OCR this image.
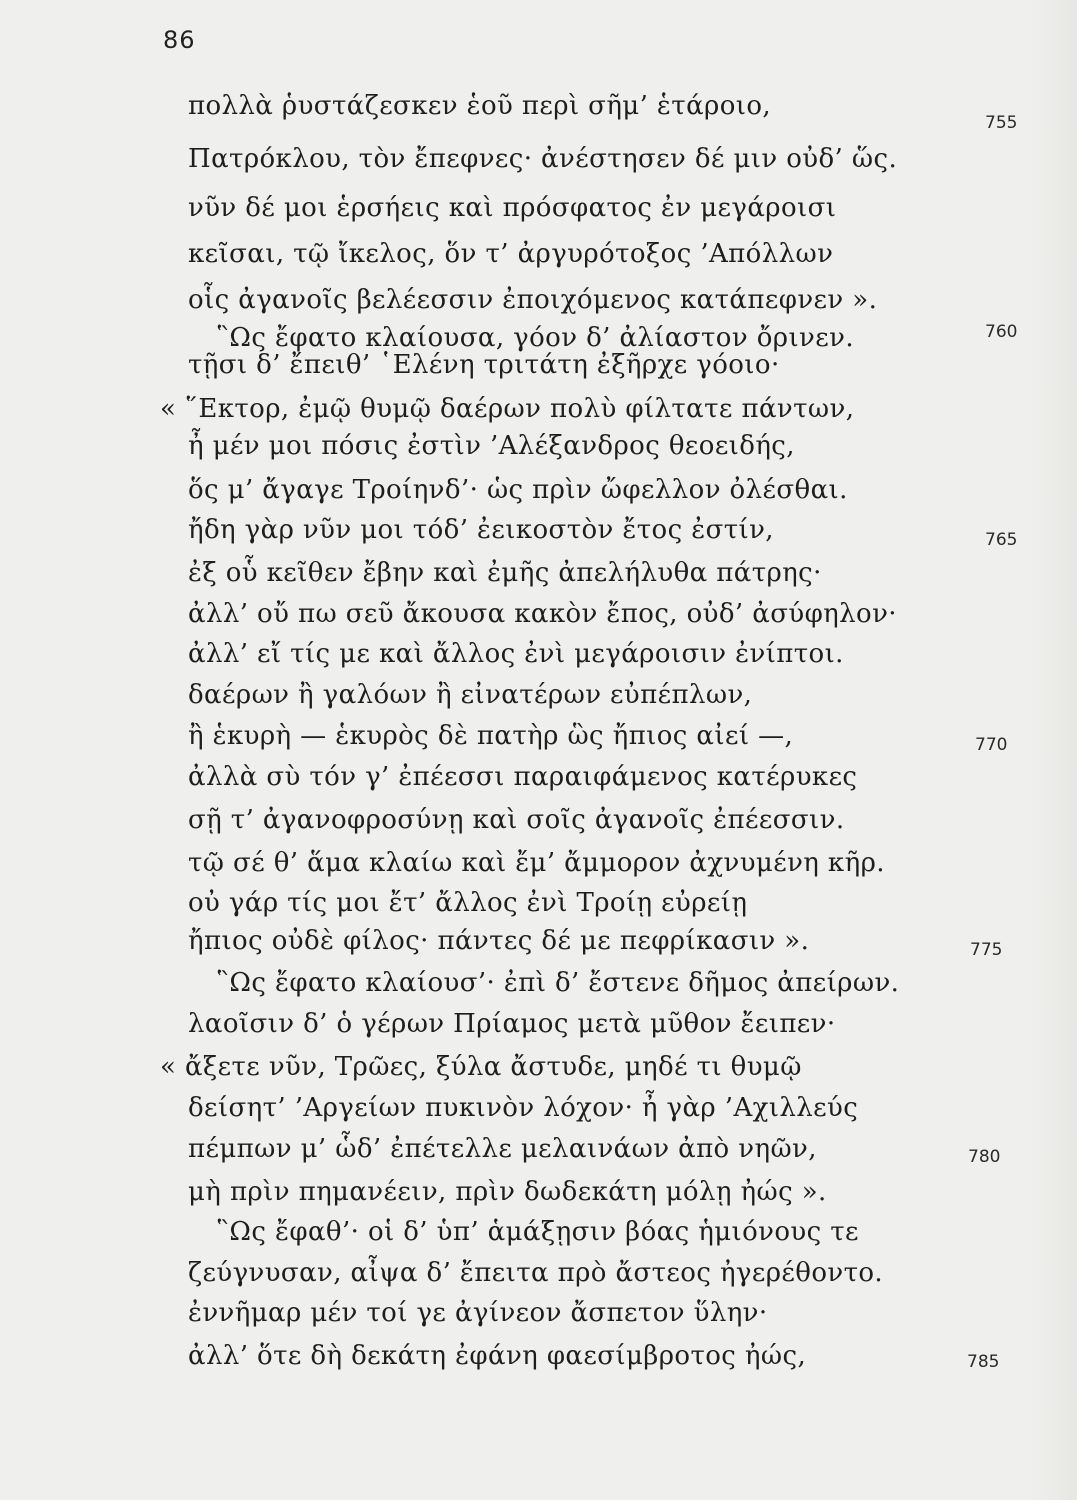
86
πολλὰ ῥυστάζεσκεν ἑοῦ περὶ σῆμ’ ἑτάροιο,
755
Πατρόκλου, τὸν ἔπεφνες· ἀνέστησεν δέ μιν οὐδ’ ὥς.
νῦν δέ μοι ἑρσήεις καὶ πρόσφατος ἐν μεγάροισι
κεῖσαι, τῷ ἴκελος, ὅν τ’ ἀργυρότοξος ’Απόλλων
οἷς ἀγανοῖς βελέεσσιν ἐποιχόμενος κατάπεφνεν ».
῝Ως ἔφατο κλαίουσα, γόον δ’ ἀλίαστον ὄρινεν.	760
τῇσι δ’ ἔπειθ’ ῾Ελένη τριτάτη ἐξῆρχε γόοιο·
« ῞Εκτορ, ἐμῷ θυμῷ δαέρων πολὺ φίλτατε πάντων,
ἦ μέν μοι πόσις ἐστὶν ’Αλέξανδρος θεοειδής,
ὅς μ’ ἄγαγε Τροίηνδ’· ὡς πρὶν ὤφελλον ὀλέσθαι.
ἤδη γὰρ νῦν μοι τόδ’ ἐεικοστὸν ἔτος ἐστίν,	765
ἐξ οὗ κεῖθεν ἔβην καὶ ἐμῆς ἀπελήλυθα πάτρης·
ἀλλ’ οὔ πω σεῦ ἄκουσα κακὸν ἔπος, οὐδ’ ἀσύφηλον·
ἀλλ’ εἴ τίς με καὶ ἄλλος ἐνὶ μεγάροισιν ἐνίπτοι.
δαέρων ἢ γαλόων ἢ εἰνατέρων εὐπέπλων,
ἢ ἑκυρὴ — ἑκυρὸς δὲ πατὴρ ὣς ἤπιος αἰεί —,	770
ἀλλὰ σὺ τόν γ’ ἐπέεσσι παραιφάμενος κατέρυκες
σῇ τ’ ἀγανοφροσύνῃ καὶ σοῖς ἀγανοῖς ἐπέεσσιν.
τῷ σέ θ’ ἅμα κλαίω καὶ ἔμ’ ἄμμορον ἀχνυμένη κῆρ.
οὐ γάρ τίς μοι ἔτ’ ἄλλος ἐνὶ Τροίῃ εὐρείῃ
ἤπιος οὐδὲ φίλος· πάντες δέ με πεφρίκασιν ».	775
῝Ως ἔφατο κλαίουσ’· ἐπὶ δ’ ἔστενε δῆμος ἀπείρων.
λαοῖσιν δ’ ὁ γέρων Πρίαμος μετὰ μῦθον ἔειπεν·
« ἄξετε νῦν, Τρῶες, ξύλα ἄστυδε, μηδέ τι θυμῷ
δείσητ’ ’Αργείων πυκινὸν λόχον· ἦ γὰρ ’Αχιλλεύς
πέμπων μ’ ὧδ’ ἐπέτελλε μελαινάων ἀπὸ νηῶν,	780
μὴ πρὶν πημανέειν, πρὶν δωδεκάτη μόλῃ ἠώς ».
῝Ως ἔφαθ’· οἱ δ’ ὑπ’ ἁμάξῃσιν βόας ἡμιόνους τε
ζεύγνυσαν, αἶψα δ’ ἔπειτα πρὸ ἄστεος ἠγερέθοντο.
ἐννῆμαρ μέν τοί γε ἀγίνεον ἄσπετον ὕλην·
ἀλλ’ ὅτε δὴ δεκάτη ἐφάνη φαεσίμβροτος ἠώς,	785
